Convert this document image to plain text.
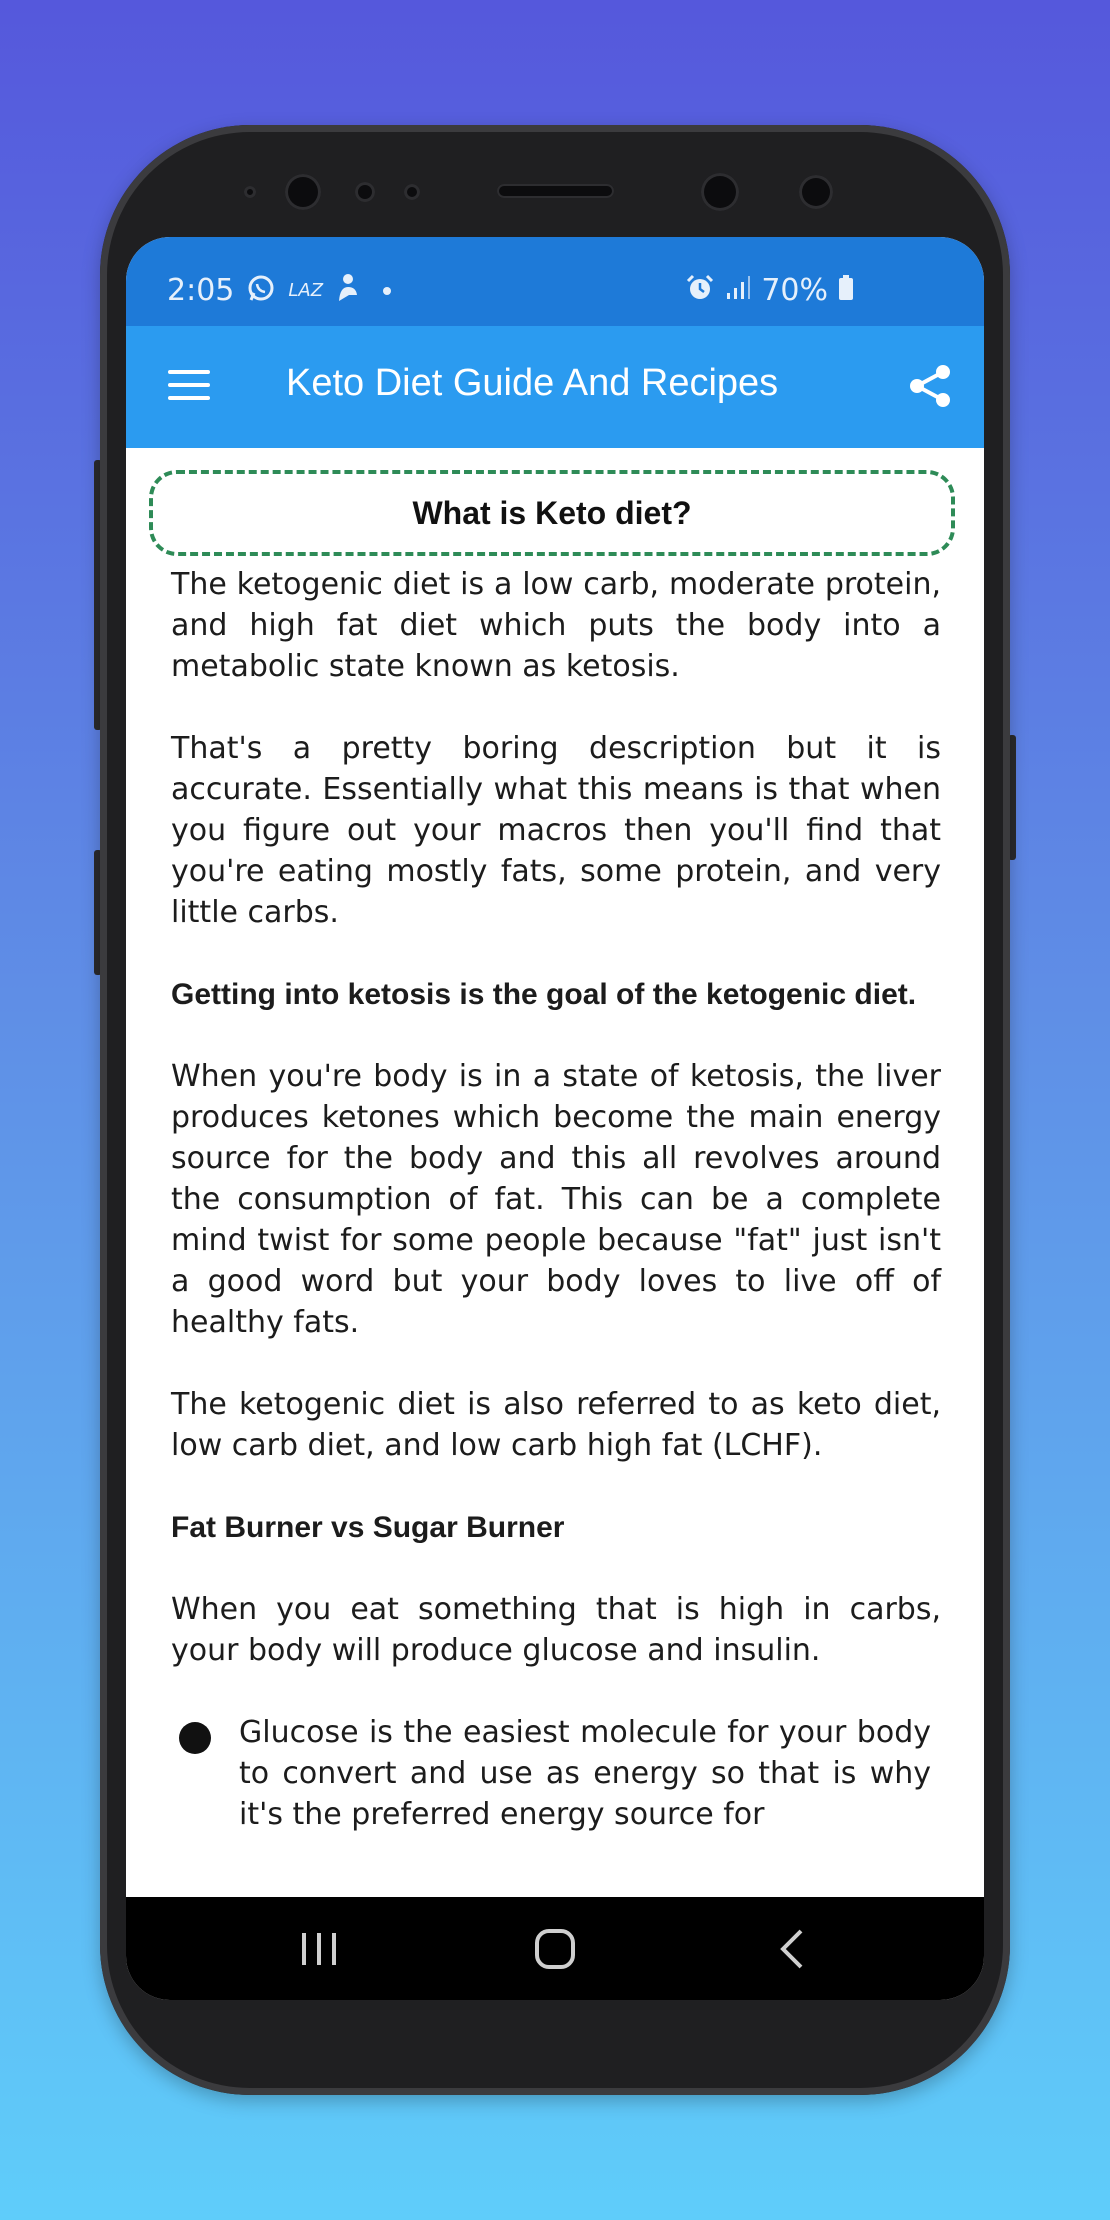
2:05	LAZ	70%
Keto Diet Guide And Recipes
What is Keto diet?

The ketogenic diet is a low carb, moderate protein, and high fat diet which puts the body into a metabolic state known as ketosis.

That's a pretty boring description but it is accurate. Essentially what this means is that when you figure out your macros then you'll find that you're eating mostly fats, some protein, and very little carbs.

Getting into ketosis is the goal of the ketogenic diet.

When you're body is in a state of ketosis, the liver produces ketones which become the main energy source for the body and this all revolves around the consumption of fat. This can be a complete mind twist for some people because "fat" just isn't a good word but your body loves to live off of healthy fats.

The ketogenic diet is also referred to as keto diet, low carb diet, and low carb high fat (LCHF).

Fat Burner vs Sugar Burner

When you eat something that is high in carbs, your body will produce glucose and insulin.

Glucose is the easiest molecule for your body to convert and use as energy so that is why it's the preferred energy source for
